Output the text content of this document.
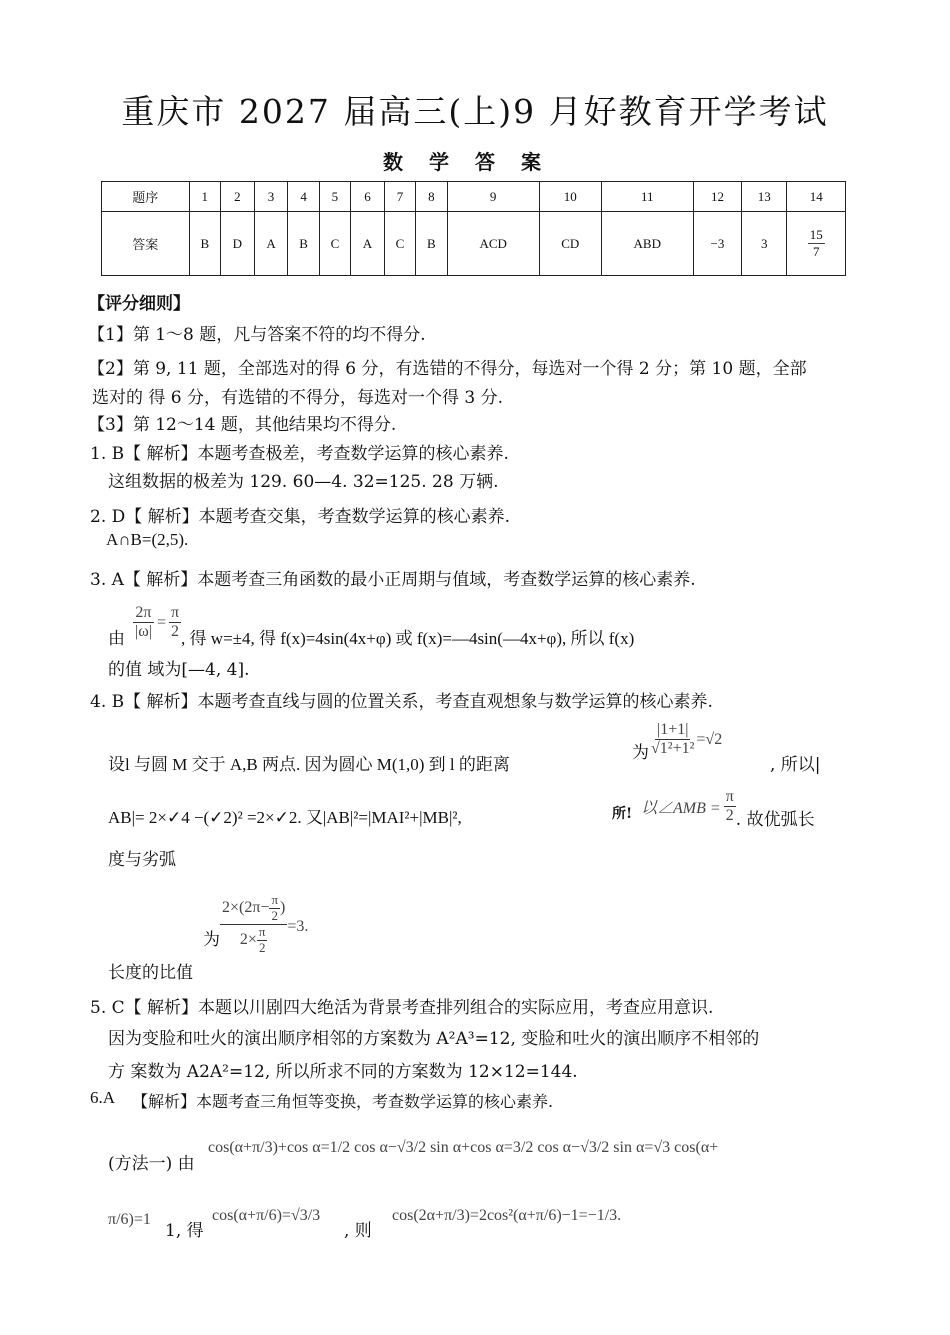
重庆市 2027 届高三(上)9 月好教育开学考试
数学答案
题序	1	2	3	4	5	6	7	8	9	10	11	12	13	14
答案	B	D	A	B	C	A	C	B	ACD	CD	ABD	−3	3	$\frac{15}{7}$
【评分细则】
【1】第 1～8 题，凡与答案不符的均不得分.
【2】第 9, 11 题，全部选对的得 6 分，有选错的不得分，每选对一个得 2 分；第 10 题，全部
选对的 得 6 分，有选错的不得分，每选对一个得 3 分.
【3】第 12～14 题，其他结果均不得分.
1. B【 解析】本题考查极差，考查数学运算的核心素养.
这组数据的极差为 129. 60—4. 32=125. 28 万辆.
2. D【 解析】本题考查交集，考查数学运算的核心素养.
A∩B=(2,5).
3. A【 解析】本题考查三角函数的最小正周期与值域，考查数学运算的核心素养.
由 $\frac{2\pi}{|\omega|} = \frac{\pi}{2}$ , 得 w=±4, 得 f(x)=4sin(4x+φ) 或 f(x)=—4sin(—4x+φ), 所以 f(x)
的值 域为[—4, 4].
4. B【 解析】本题考查直线与圆的位置关系，考查直观想象与数学运算的核心素养.
设l 与圆 M 交于 A,B 两点. 因为圆心 M(1,0) 到 l 的距离
为 $\frac{|1+1|}{\text{√1²+1²}} =√2$
, 所以|
AB|= 2×✓4 −(✓2)² =2×✓2. 又|AB|²=|MAI²+|MB|²,	所! 以∠AMB = $\frac{\pi}{2}$ . 故优弧长
度与劣弧
为 $\frac{2\times(2\pi- \frac{\pi}{2} )}{2\times \frac{\pi}{2}} =3$.
长度的比值
5. C【 解析】本题以川剧四大绝活为背景考查排列组合的实际应用，考查应用意识.
因为变脸和吐火的演出顺序相邻的方案数为 A²A³=12, 变脸和吐火的演出顺序不相邻的
方 案数为 A2A²=12, 所以所求不同的方案数为 12×12=144.
6.A 【解析】本题考查三角恒等变换，考查数学运算的核心素养.
(方法一) 由
cos(α+π/3)+cos α=1/2 cos α−√3/2 sin α+cos α=3/2 cos α−√3/2 sin α=√3 cos(α+
π/6)=1
1, 得
cos(α+π/6)=√3/3
, 则
cos(2α+π/3)=2cos²(α+π/6)−1=−1/3.
